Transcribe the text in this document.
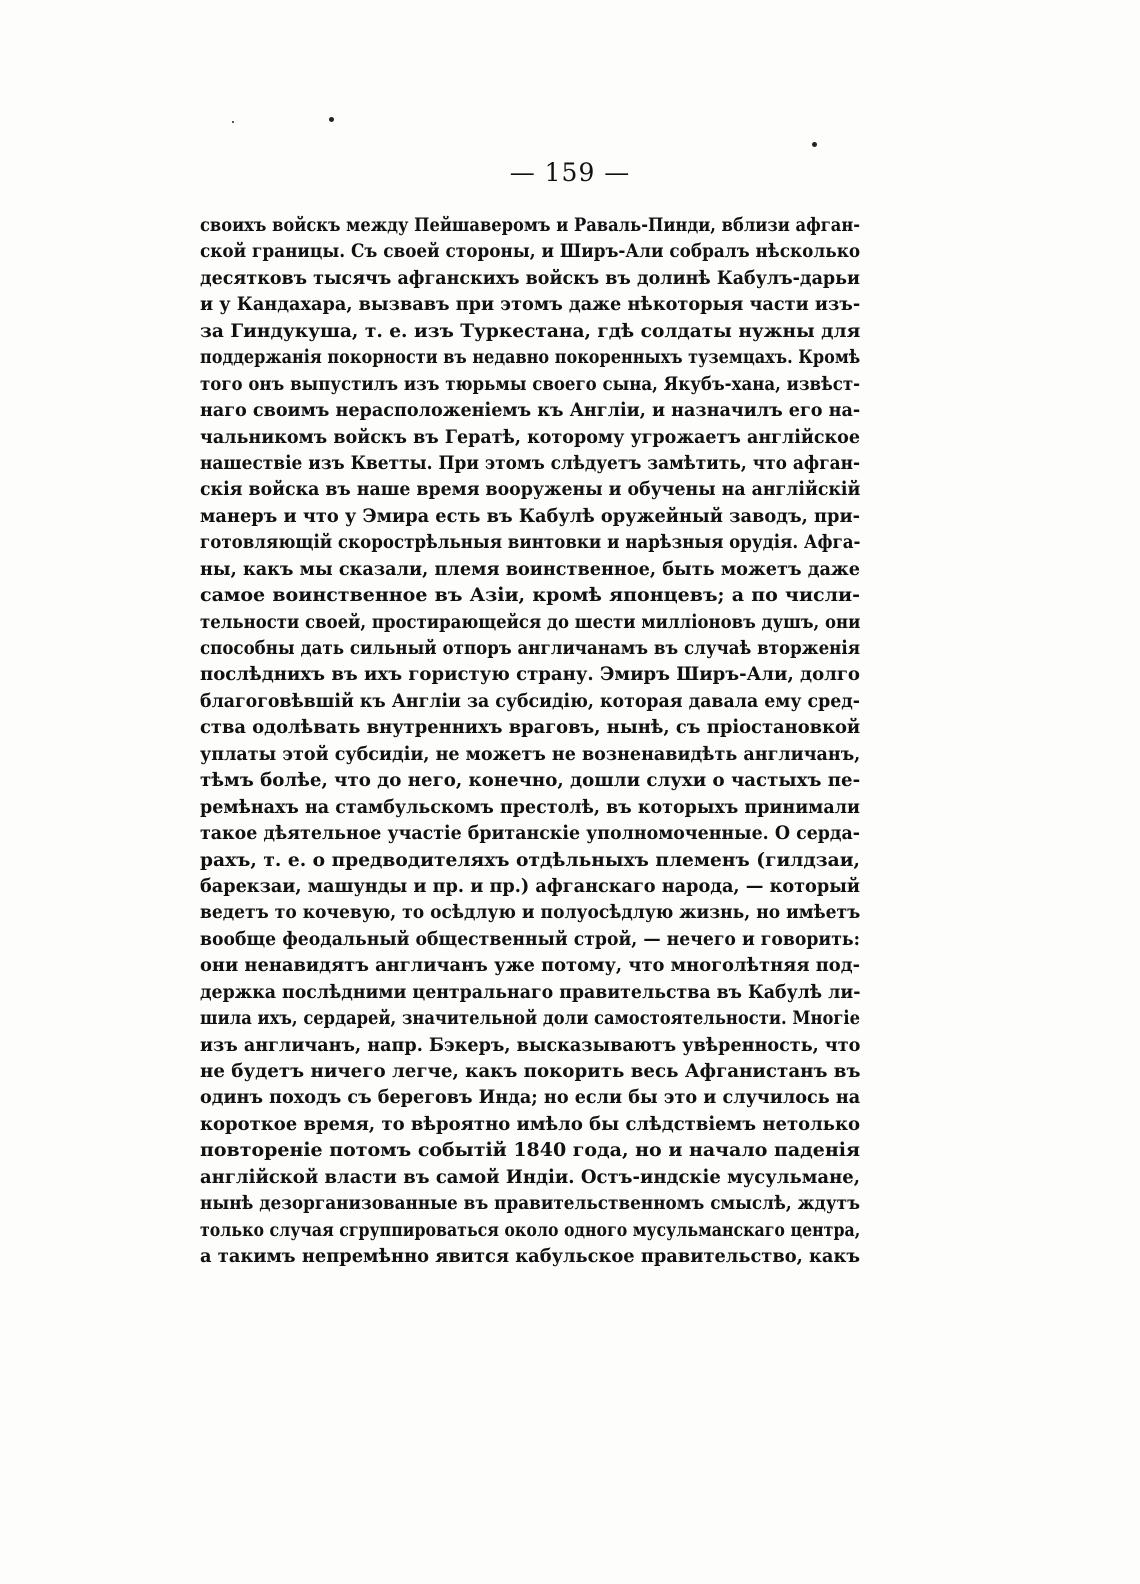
— 159 —
своихъ войскъ между Пейшаверомъ и Раваль-Пинди, вблизи афган-
ской границы. Съ своей стороны, и Ширъ-Али собралъ нѣсколько
десятковъ тысячъ афганскихъ войскъ въ долинѣ Кабулъ-дарьи
и у Кандахара, вызвавъ при этомъ даже нѣкоторыя части изъ-
за Гиндукуша, т. е. изъ Туркестана, гдѣ солдаты нужны для
поддержанія покорности въ недавно покоренныхъ туземцахъ. Кромѣ
того онъ выпустилъ изъ тюрьмы своего сына, Якубъ-хана, извѣст-
наго своимъ нерасположеніемъ къ Англіи, и назначилъ его на-
чальникомъ войскъ въ Гератѣ, которому угрожаетъ англійское
нашествіе изъ Кветты. При этомъ слѣдуетъ замѣтить, что афган-
скія войска въ наше время вооружены и обучены на англійскій
манеръ и что у Эмира есть въ Кабулѣ оружейный заводъ, при-
готовляющій скорострѣльныя винтовки и нарѣзныя орудія. Афга-
ны, какъ мы сказали, племя воинственное, быть можетъ даже
самое воинственное въ Азіи, кромѣ японцевъ; а по числи-
тельности своей, простирающейся до шести милліоновъ душъ, они
способны дать сильный отпоръ англичанамъ въ случаѣ вторженія
послѣднихъ въ ихъ гористую страну. Эмиръ Ширъ-Али, долго
благоговѣвшій къ Англіи за субсидію, которая давала ему сред-
ства одолѣвать внутреннихъ враговъ, нынѣ, съ пріостановкой
уплаты этой субсидіи, не можетъ не возненавидѣть англичанъ,
тѣмъ болѣе, что до него, конечно, дошли слухи о частыхъ пе-
ремѣнахъ на стамбульскомъ престолѣ, въ которыхъ принимали
такое дѣятельное участіе британскіе уполномоченные. О серда-
рахъ, т. е. о предводителяхъ отдѣльныхъ племенъ (гилдзаи,
барекзаи, машунды и пр. и пр.) афганскаго народа, — который
ведетъ то кочевую, то осѣдлую и полуосѣдлую жизнь, но имѣетъ
вообще феодальный общественный строй, — нечего и говорить:
они ненавидятъ англичанъ уже потому, что многолѣтняя под-
держка послѣдними центральнаго правительства въ Кабулѣ ли-
шила ихъ, сердарей, значительной доли самостоятельности. Многіе
изъ англичанъ, напр. Бэкеръ, высказываютъ увѣренность, что
не будетъ ничего легче, какъ покорить весь Афганистанъ въ
одинъ походъ съ береговъ Инда; но если бы это и случилось на
короткое время, то вѣроятно имѣло бы слѣдствіемъ нетолько
повтореніе потомъ событій 1840 года, но и начало паденія
англійской власти въ самой Индіи. Остъ-индскіе мусульмане,
нынѣ дезорганизованные въ правительственномъ смыслѣ, ждутъ
только случая сгруппироваться около одного мусульманскаго центра,
а такимъ непремѣнно явится кабульское правительство, какъ
